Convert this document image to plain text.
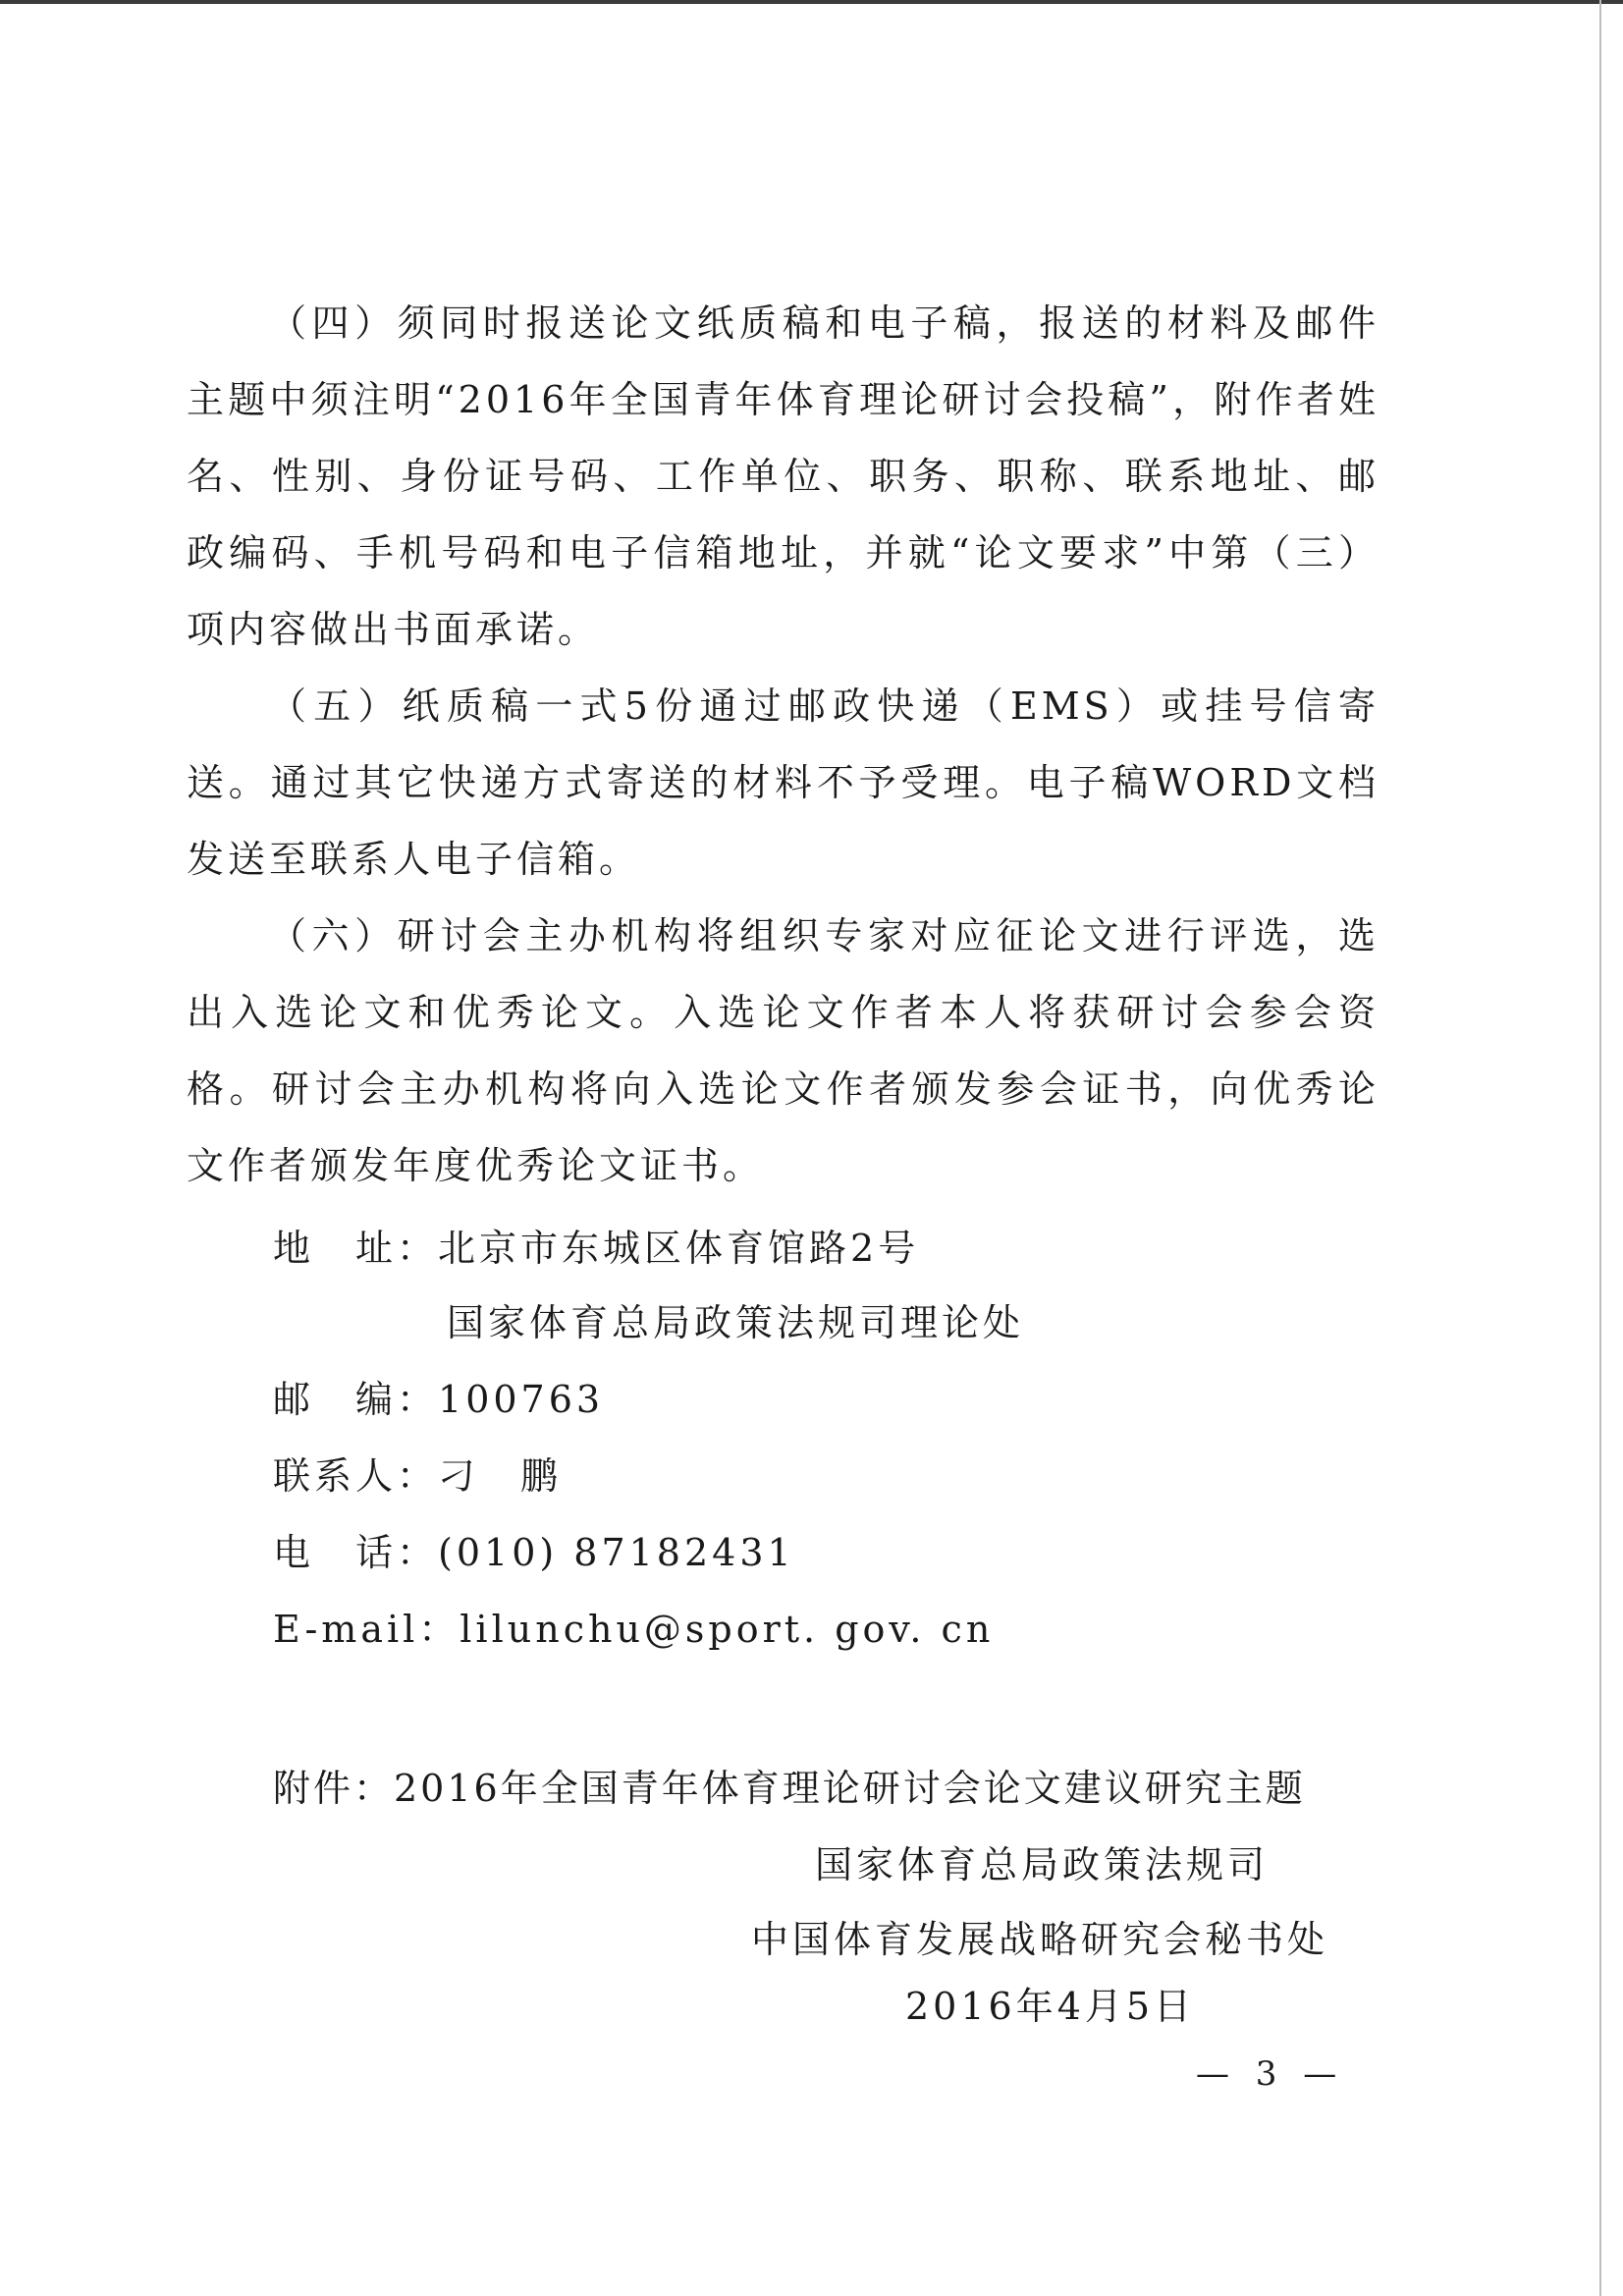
（四）须同时报送论文纸质稿和电子稿，报送的材料及邮件主题中须注明“2016年全国青年体育理论研讨会投稿”，附作者姓名、性别、身份证号码、工作单位、职务、职称、联系地址、邮政编码、手机号码和电子信箱地址，并就“论文要求”中第（三）项内容做出书面承诺。

（五）纸质稿一式5份通过邮政快递（EMS）或挂号信寄送。通过其它快递方式寄送的材料不予受理。电子稿WORD文档发送至联系人电子信箱。

（六）研讨会主办机构将组织专家对应征论文进行评选，选出入选论文和优秀论文。入选论文作者本人将获研讨会参会资格。研讨会主办机构将向入选论文作者颁发参会证书，向优秀论文作者颁发年度优秀论文证书。

地　址：北京市东城区体育馆路2号
国家体育总局政策法规司理论处
邮　编：100763
联系人：刁　鹏
电　话：(010) 87182431
E-mail：lilunchu@sport. gov. cn
附件：2016年全国青年体育理论研讨会论文建议研究主题
国家体育总局政策法规司
中国体育发展战略研究会秘书处
2016年4月5日
— 3 —
